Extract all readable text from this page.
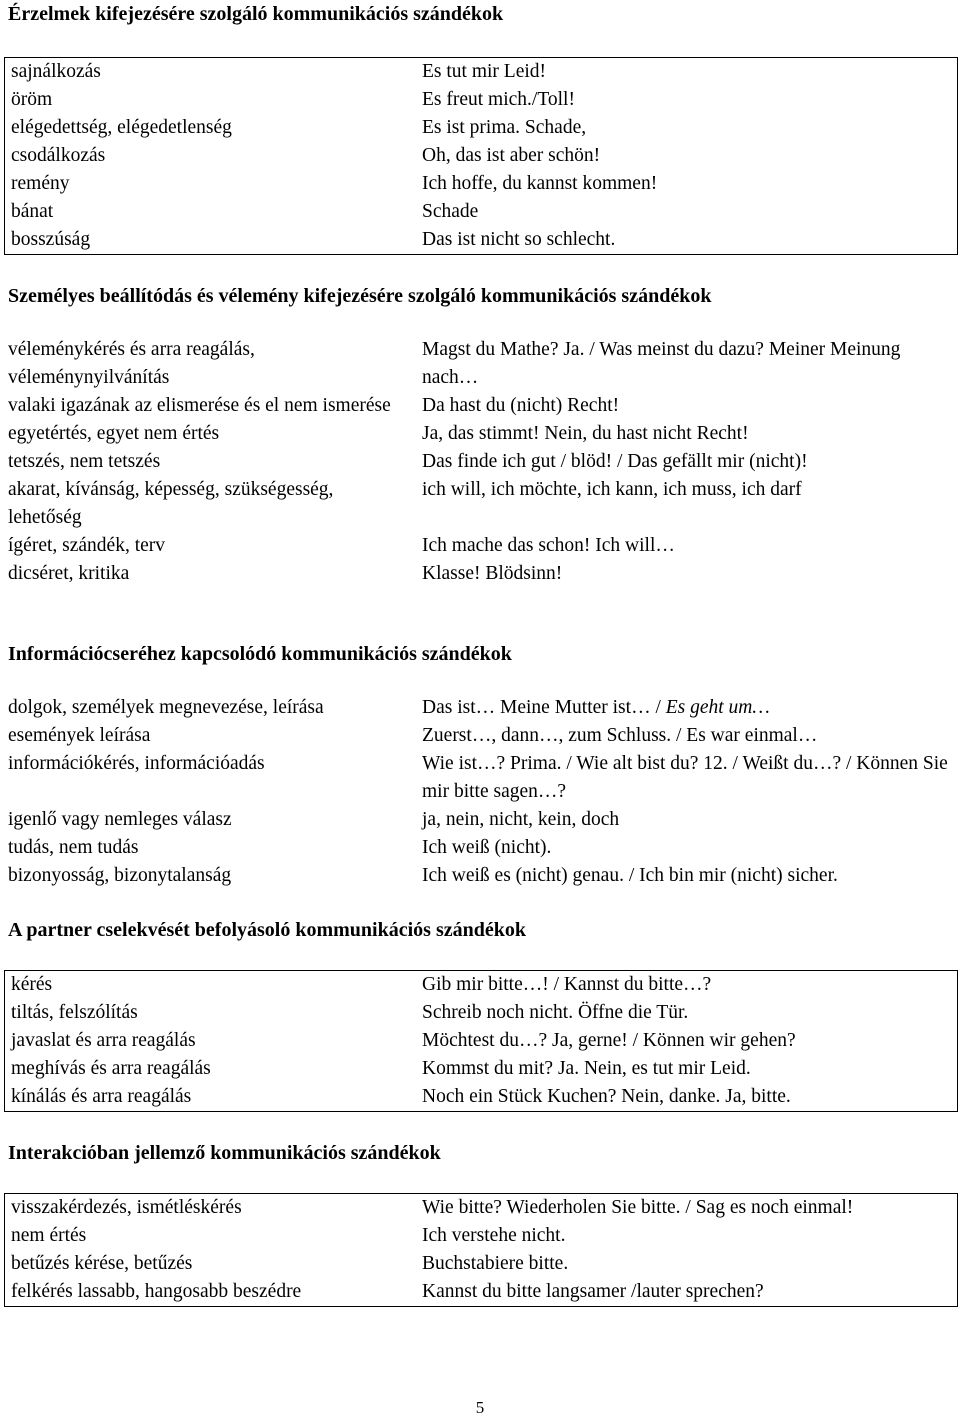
Érzelmek kifejezésére szolgáló kommunikációs szándékok
sajnálkozás	Es tut mir Leid!
öröm	Es freut mich./Toll!
elégedettség, elégedetlenség	Es ist prima. Schade,
csodálkozás	Oh, das ist aber schön!
remény	Ich hoffe, du kannst kommen!
bánat	Schade
bosszúság	Das ist nicht so schlecht.
Személyes beállítódás és vélemény kifejezésére szolgáló kommunikációs szándékok
véleménykérés és arra reagálás, véleménynyilvánítás	Magst du Mathe? Ja. / Was meinst du dazu? Meiner Meinung nach…
valaki igazának az elismerése és el nem ismerése	Da hast du (nicht) Recht!
egyetértés, egyet nem értés	Ja, das stimmt! Nein, du hast nicht Recht!
tetszés, nem tetszés	Das finde ich gut / blöd! / Das gefällt mir (nicht)!
akarat, kívánság, képesség, szükségesség, lehetőség	ich will, ich möchte, ich kann, ich muss, ich darf
ígéret, szándék, terv	Ich mache das schon! Ich will…
dicséret, kritika	Klasse! Blödsinn!
Információcseréhez kapcsolódó kommunikációs szándékok
dolgok, személyek megnevezése, leírása	Das ist… Meine Mutter ist… / Es geht um…
események leírása	Zuerst…, dann…, zum Schluss. / Es war einmal…
információkérés, információadás	Wie ist…? Prima. / Wie alt bist du? 12. / Weißt du…? / Können Sie mir bitte sagen…?
igenlő vagy nemleges válasz	ja, nein, nicht, kein, doch
tudás, nem tudás	Ich weiß (nicht).
bizonyosság, bizonytalanság	Ich weiß es (nicht) genau. / Ich bin mir (nicht) sicher.
A partner cselekvését befolyásoló kommunikációs szándékok
kérés	Gib mir bitte…! / Kannst du bitte…?
tiltás, felszólítás	Schreib noch nicht. Öffne die Tür.
javaslat és arra reagálás	Möchtest du…? Ja, gerne! / Können wir gehen?
meghívás és arra reagálás	Kommst du mit? Ja. Nein, es tut mir Leid.
kínálás és arra reagálás	Noch ein Stück Kuchen? Nein, danke. Ja, bitte.
Interakcióban jellemző kommunikációs szándékok
visszakérdezés, ismétléskérés	Wie bitte? Wiederholen Sie bitte. / Sag es noch einmal!
nem értés	Ich verstehe nicht.
betűzés kérése, betűzés	Buchstabiere bitte.
felkérés lassabb, hangosabb beszédre	Kannst du bitte langsamer /lauter sprechen?
5
